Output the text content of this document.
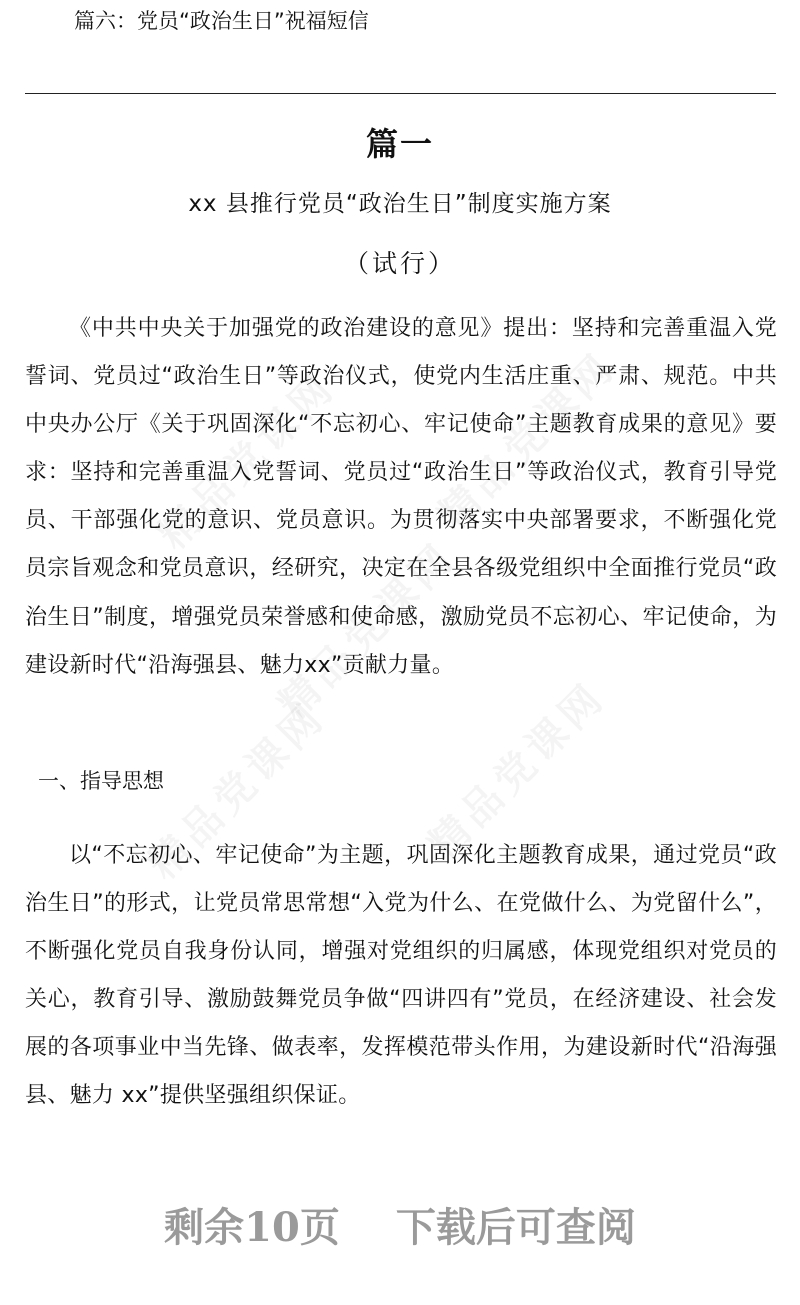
篇六：党员“政治生日”祝福短信
篇一
xx 县推行党员“政治生日”制度实施方案
（试行）

《中共中央关于加强党的政治建设的意见》提出：坚持和完善重温入党誓词、党员过“政治生日”等政治仪式，使党内生活庄重、严肃、规范。中共中央办公厅《关于巩固深化“不忘初心、牢记使命”主题教育成果的意见》要求：坚持和完善重温入党誓词、党员过“政治生日”等政治仪式，教育引导党员、干部强化党的意识、党员意识。为贯彻落实中央部署要求，不断强化党员宗旨观念和党员意识，经研究，决定在全县各级党组织中全面推行党员“政治生日”制度，增强党员荣誉感和使命感，激励党员不忘初心、牢记使命，为建设新时代“沿海强县、魅力xx”贡献力量。

一、指导思想

以“不忘初心、牢记使命”为主题，巩固深化主题教育成果，通过党员“政治生日”的形式，让党员常思常想“入党为什么、在党做什么、为党留什么”，不断强化党员自我身份认同，增强对党组织的归属感，体现党组织对党员的关心，教育引导、激励鼓舞党员争做“四讲四有”党员，在经济建设、社会发展的各项事业中当先锋、做表率，发挥模范带头作用，为建设新时代“沿海强县、魅力 xx”提供坚强组织保证。

剩余10页 下载后可查阅
